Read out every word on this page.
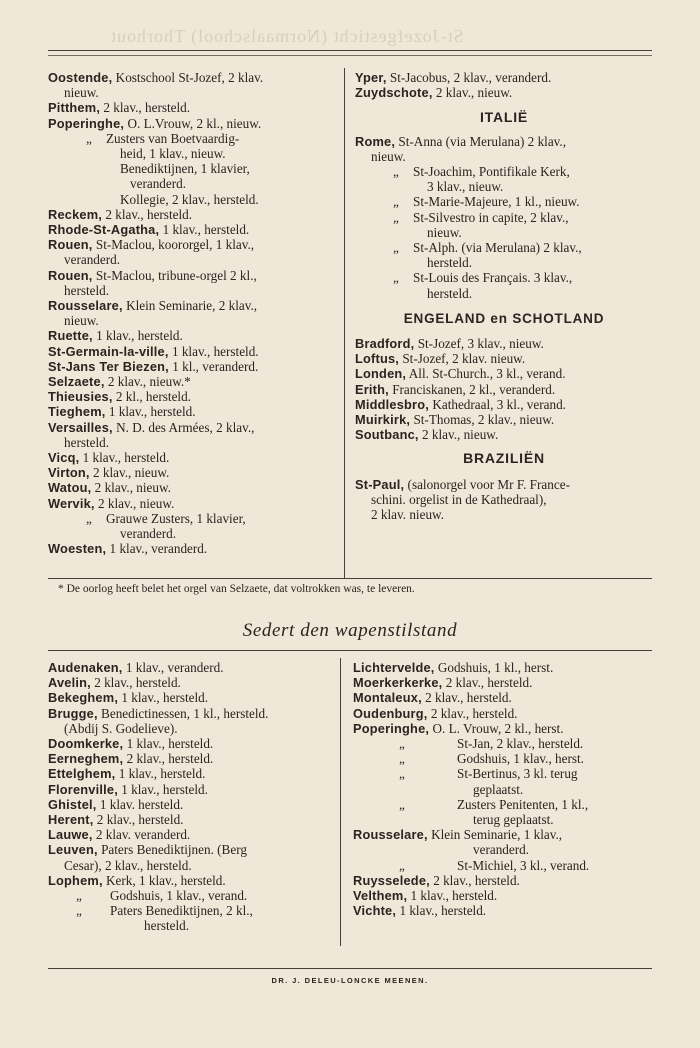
St-Jozefgesticht (Normaalschool) Thorhout
Oostende, Kostschool St-Jozef, 2 klav.
nieuw.
Pitthem, 2 klav., hersteld.
Poperinghe, O. L.Vrouw, 2 kl., nieuw.
„ Zusters van Boetvaardig-
heid, 1 klav., nieuw.
Benediktijnen, 1 klavier,
veranderd.
Kollegie, 2 klav., hersteld.
Reckem, 2 klav., hersteld.
Rhode-St-Agatha, 1 klav., hersteld.
Rouen, St-Maclou, koororgel, 1 klav.,
veranderd.
Rouen, St-Maclou, tribune-orgel 2 kl.,
hersteld.
Rousselare, Klein Seminarie, 2 klav.,
nieuw.
Ruette, 1 klav., hersteld.
St-Germain-la-ville, 1 klav., hersteld.
St-Jans Ter Biezen, 1 kl., veranderd.
Selzaete, 2 klav., nieuw.*
Thieusies, 2 kl., hersteld.
Tieghem, 1 klav., hersteld.
Versailles, N. D. des Armées, 2 klav.,
hersteld.
Vicq, 1 klav., hersteld.
Virton, 2 klav., nieuw.
Watou, 2 klav., nieuw.
Wervik, 2 klav., nieuw.
„ Grauwe Zusters, 1 klavier,
veranderd.
Woesten, 1 klav., veranderd.
Yper, St-Jacobus, 2 klav., veranderd.
Zuydschote, 2 klav., nieuw.
ITALIË
Rome, St-Anna (via Merulana) 2 klav.,
nieuw.
„ St-Joachim, Pontifikale Kerk,
3 klav., nieuw.
„ St-Marie-Majeure, 1 kl., nieuw.
„ St-Silvestro in capite, 2 klav.,
nieuw.
„ St-Alph. (via Merulana) 2 klav.,
hersteld.
„ St-Louis des Français. 3 klav.,
hersteld.
ENGELAND en SCHOTLAND
Bradford, St-Jozef, 3 klav., nieuw.
Loftus, St-Jozef, 2 klav. nieuw.
Londen, All. St-Church., 3 kl., verand.
Erith, Franciskanen, 2 kl., veranderd.
Middlesbro, Kathedraal, 3 kl., verand.
Muirkirk, St-Thomas, 2 klav., nieuw.
Soutbanc, 2 klav., nieuw.
BRAZILIËN
St-Paul, (salonorgel voor Mr F. France-
schini. orgelist in de Kathedraal),
2 klav. nieuw.
* De oorlog heeft belet het orgel van Selzaete, dat voltrokken was, te leveren.
Sedert den wapenstilstand
Audenaken, 1 klav., veranderd.
Avelin, 2 klav., hersteld.
Bekeghem, 1 klav., hersteld.
Brugge, Benedictinessen, 1 kl., hersteld.
(Abdij S. Godelieve).
Doomkerke, 1 klav., hersteld.
Eerneghem, 2 klav., hersteld.
Ettelghem, 1 klav., hersteld.
Florenville, 1 klav., hersteld.
Ghistel, 1 klav. hersteld.
Herent, 2 klav., hersteld.
Lauwe, 2 klav. veranderd.
Leuven, Paters Benediktijnen. (Berg
Cesar), 2 klav., hersteld.
Lophem, Kerk, 1 klav., hersteld.
„ Godshuis, 1 klav., verand.
„ Paters Benediktijnen, 2 kl.,
hersteld.
Lichtervelde, Godshuis, 1 kl., herst.
Moerkerkerke, 2 klav., hersteld.
Montaleux, 2 klav., hersteld.
Oudenburg, 2 klav., hersteld.
Poperinghe, O. L. Vrouw, 2 kl., herst.
„	St-Jan, 2 klav., hersteld.
„	Godshuis, 1 klav., herst.
„	St-Bertinus, 3 kl. terug
geplaatst.
„	Zusters Penitenten, 1 kl.,
terug geplaatst.
Rousselare, Klein Seminarie, 1 klav.,
veranderd.
„	St-Michiel, 3 kl., verand.
Ruysselede, 2 klav., hersteld.
Velthem, 1 klav., hersteld.
Vichte, 1 klav., hersteld.
DR. J. DELEU-LONCKE MEENEN.
